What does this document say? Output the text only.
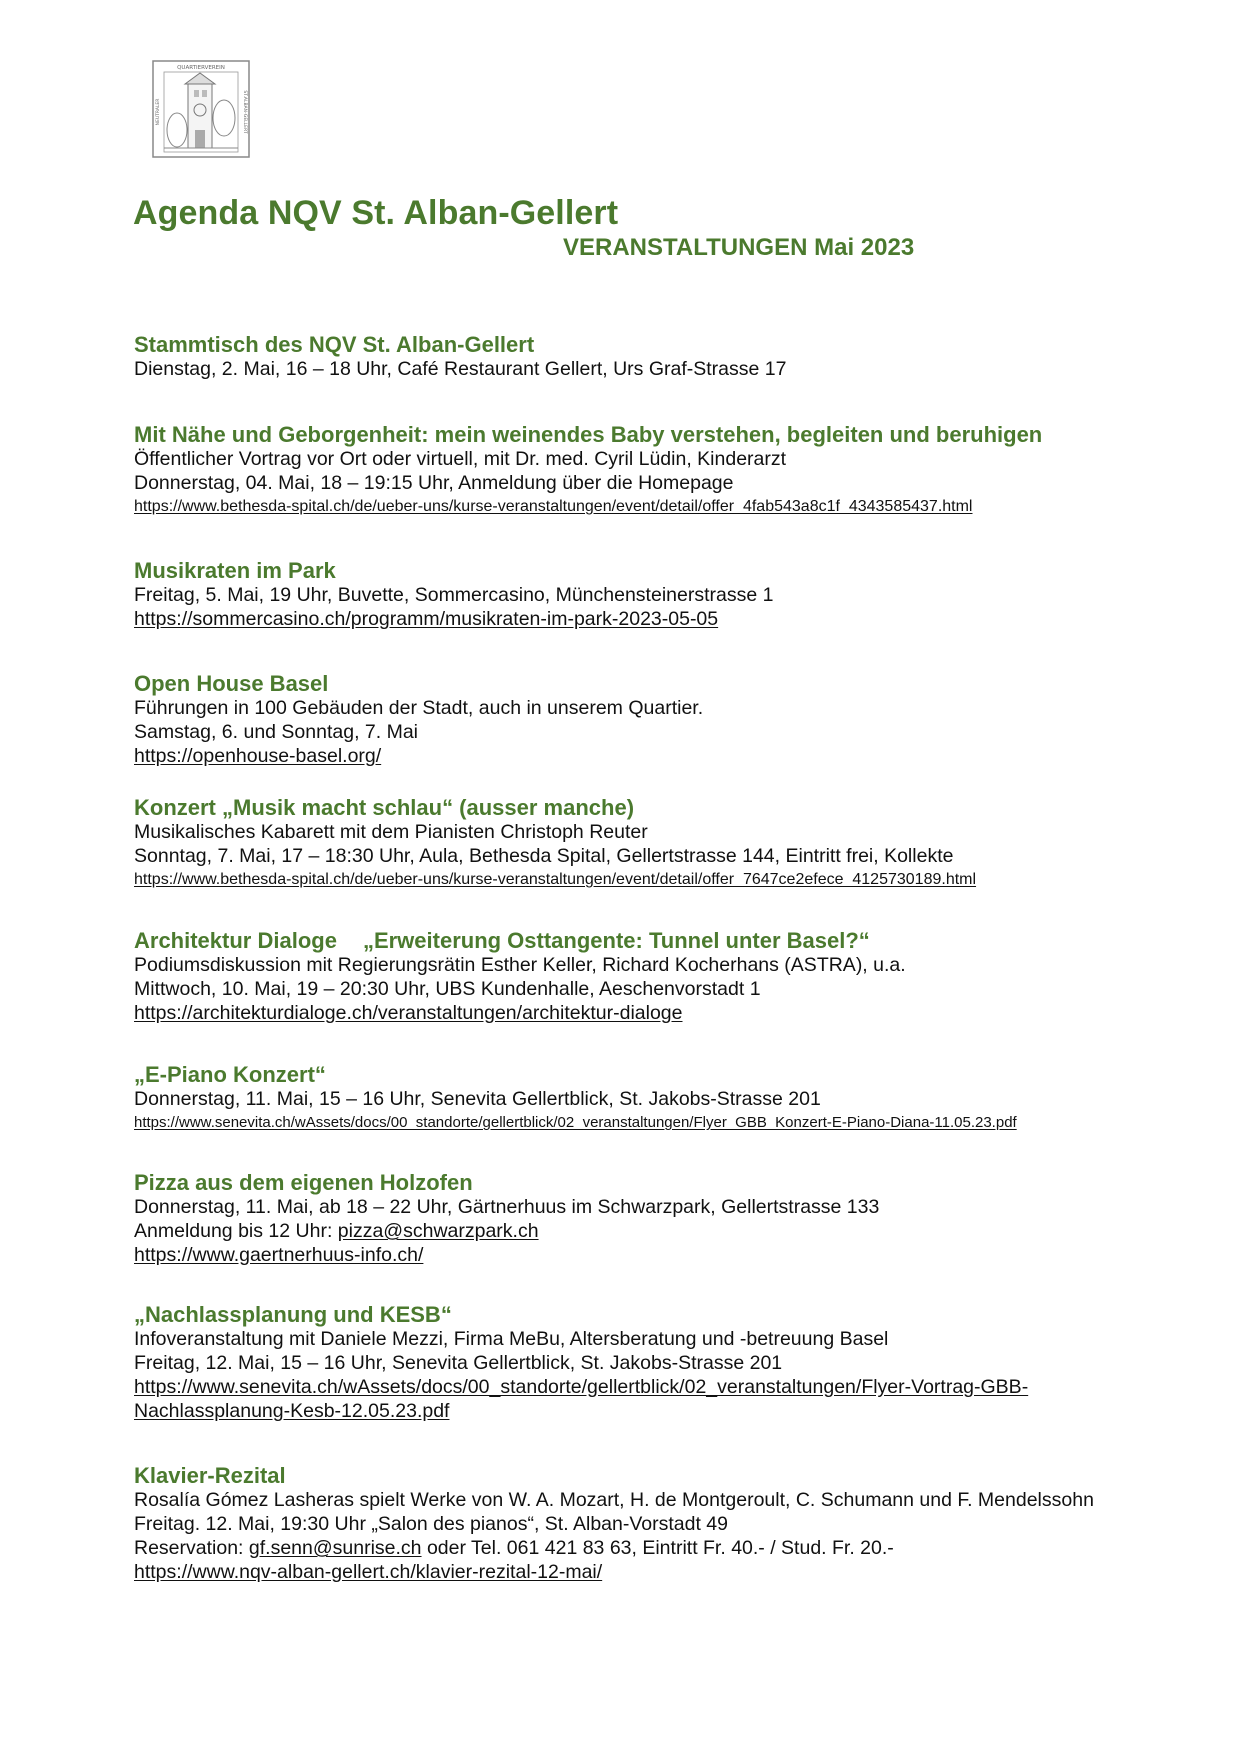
QUARTIERVEREIN
NEUTRALER	ST.ALBAN-GELLERT
Agenda NQV St. Alban-Gellert
VERANSTALTUNGEN Mai 2023
Stammtisch des NQV St. Alban-Gellert
Dienstag, 2. Mai, 16 – 18 Uhr, Café Restaurant Gellert, Urs Graf-Strasse 17
Mit Nähe und Geborgenheit: mein weinendes Baby verstehen, begleiten und beruhigen
Öffentlicher Vortrag vor Ort oder virtuell, mit Dr. med. Cyril Lüdin, Kinderarzt
Donnerstag, 04. Mai, 18 – 19:15 Uhr, Anmeldung über die Homepage
https://www.bethesda-spital.ch/de/ueber-uns/kurse-veranstaltungen/event/detail/offer_4fab543a8c1f_4343585437.html
Musikraten im Park
Freitag, 5. Mai, 19 Uhr, Buvette, Sommercasino, Münchensteinerstrasse 1
https://sommercasino.ch/programm/musikraten-im-park-2023-05-05
Open House Basel
Führungen in 100 Gebäuden der Stadt, auch in unserem Quartier.
Samstag, 6. und Sonntag, 7. Mai
https://openhouse-basel.org/
Konzert „Musik macht schlau“ (ausser manche)
Musikalisches Kabarett mit dem Pianisten Christoph Reuter
Sonntag, 7. Mai, 17 – 18:30 Uhr, Aula, Bethesda Spital, Gellertstrasse 144, Eintritt frei, Kollekte
https://www.bethesda-spital.ch/de/ueber-uns/kurse-veranstaltungen/event/detail/offer_7647ce2efece_4125730189.html
Architektur Dialoge „Erweiterung Osttangente: Tunnel unter Basel?“
Podiumsdiskussion mit Regierungsrätin Esther Keller, Richard Kocherhans (ASTRA), u.a.
Mittwoch, 10. Mai, 19 – 20:30 Uhr, UBS Kundenhalle, Aeschenvorstadt 1
https://architekturdialoge.ch/veranstaltungen/architektur-dialoge
„E-Piano Konzert“
Donnerstag, 11. Mai, 15 – 16 Uhr, Senevita Gellertblick, St. Jakobs-Strasse 201
https://www.senevita.ch/wAssets/docs/00_standorte/gellertblick/02_veranstaltungen/Flyer_GBB_Konzert-E-Piano-Diana-11.05.23.pdf
Pizza aus dem eigenen Holzofen
Donnerstag, 11. Mai, ab 18 – 22 Uhr, Gärtnerhuus im Schwarzpark, Gellertstrasse 133
Anmeldung bis 12 Uhr: pizza@schwarzpark.ch
https://www.gaertnerhuus-info.ch/
„Nachlassplanung und KESB“
Infoveranstaltung mit Daniele Mezzi, Firma MeBu, Altersberatung und -betreuung Basel
Freitag, 12. Mai, 15 – 16 Uhr, Senevita Gellertblick, St. Jakobs-Strasse 201
https://www.senevita.ch/wAssets/docs/00_standorte/gellertblick/02_veranstaltungen/Flyer-Vortrag-GBB-
Nachlassplanung-Kesb-12.05.23.pdf
Klavier-Rezital
Rosalía Gómez Lasheras spielt Werke von W. A. Mozart, H. de Montgeroult, C. Schumann und F. Mendelssohn
Freitag. 12. Mai, 19:30 Uhr „Salon des pianos“, St. Alban-Vorstadt 49
Reservation: gf.senn@sunrise.ch oder Tel. 061 421 83 63, Eintritt Fr. 40.- / Stud. Fr. 20.-
https://www.nqv-alban-gellert.ch/klavier-rezital-12-mai/
